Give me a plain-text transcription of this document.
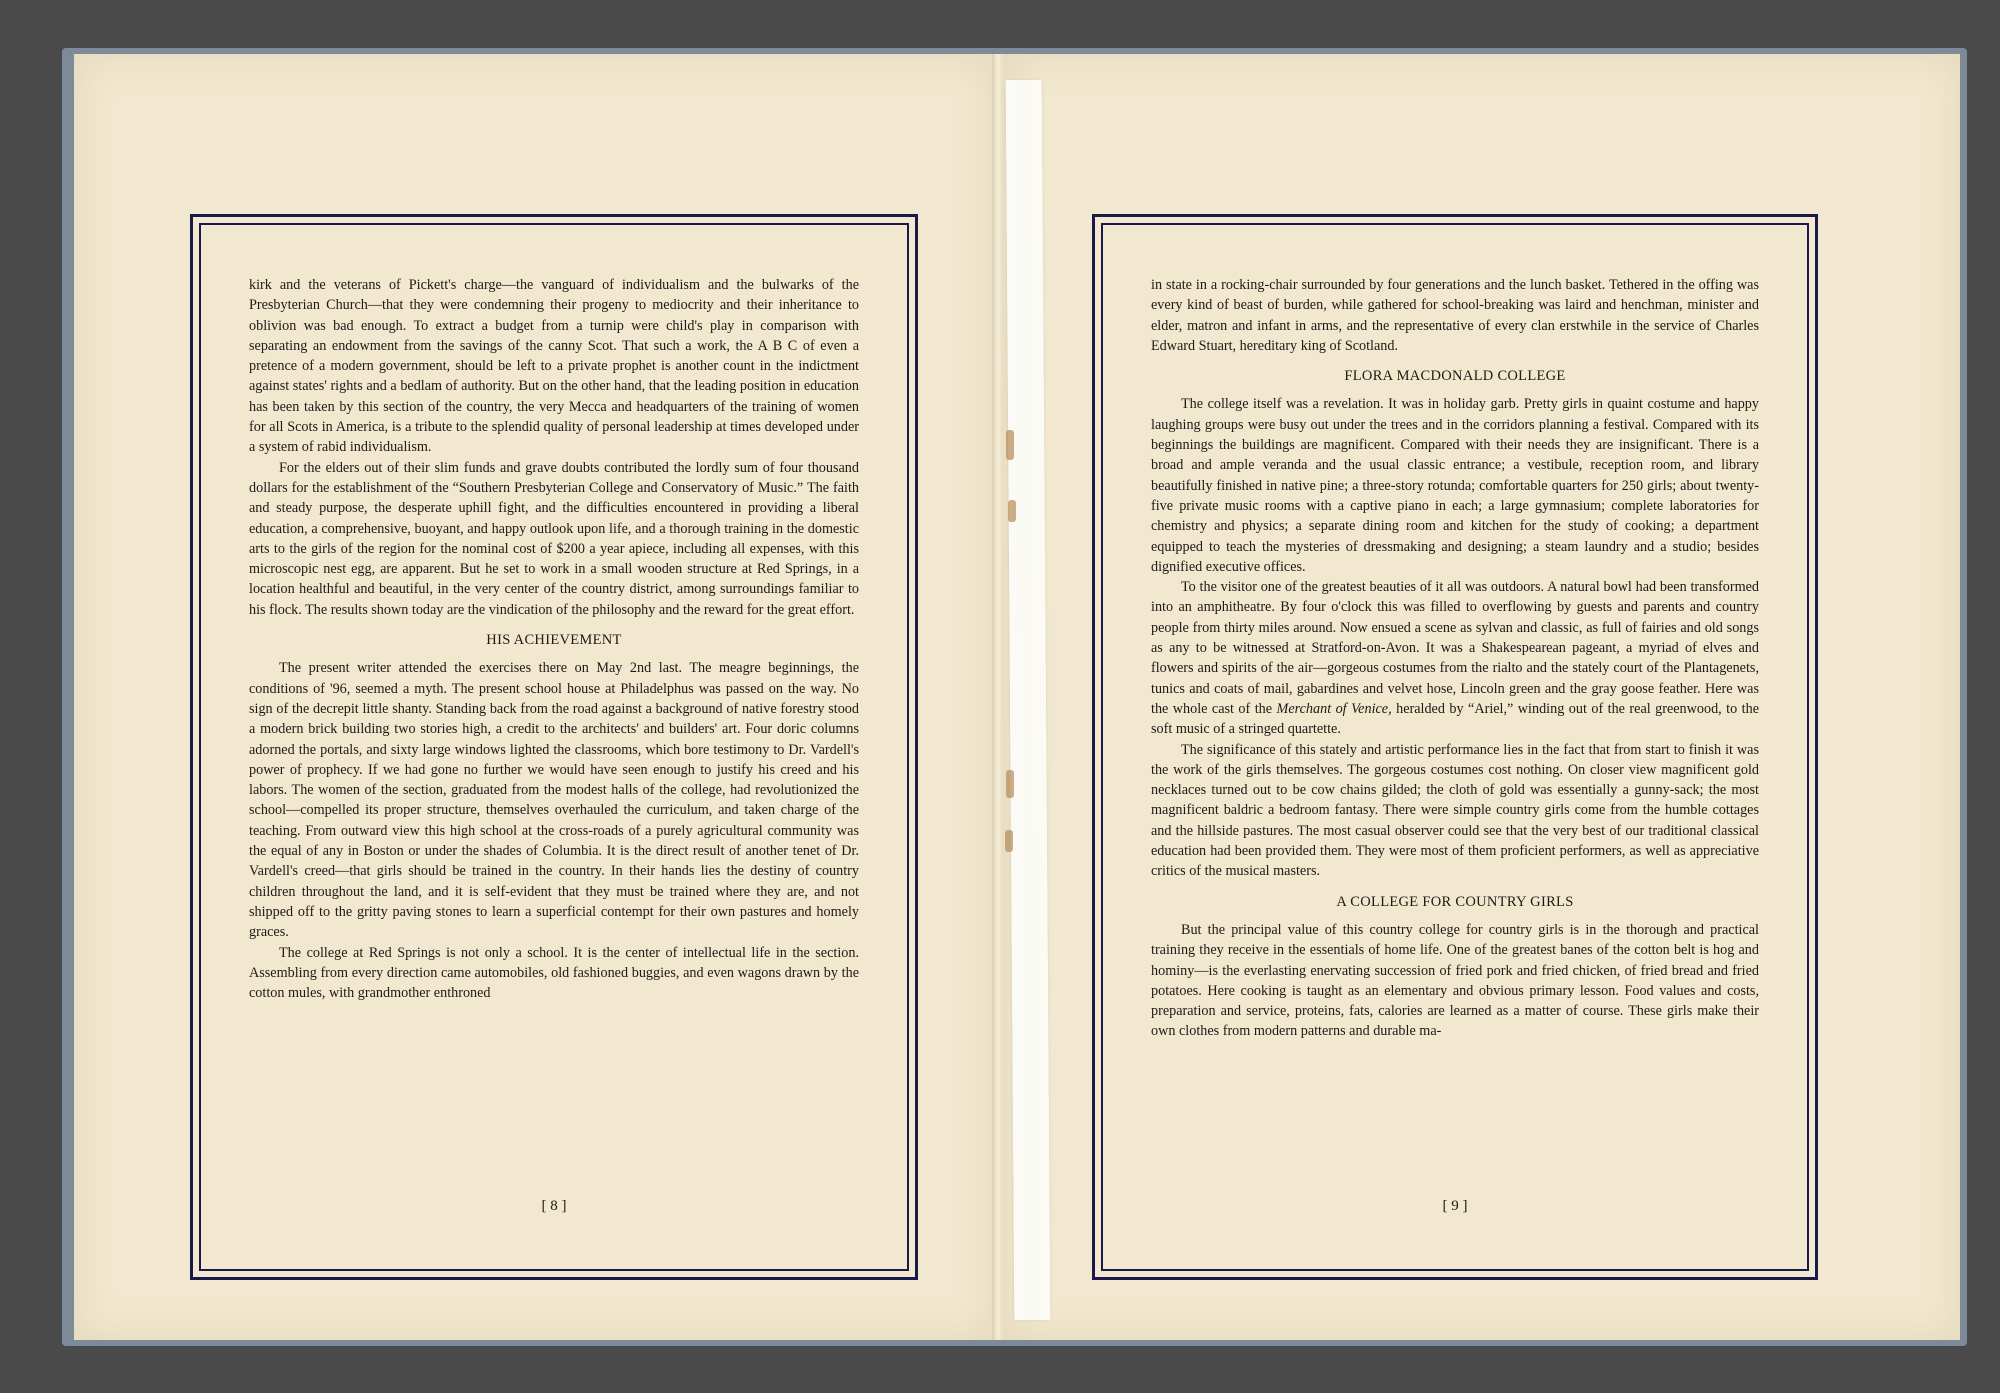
kirk and the veterans of Pickett's charge—the vanguard of individualism and the bulwarks of the Presbyterian Church—that they were condemning their progeny to mediocrity and their inheritance to oblivion was bad enough. To extract a budget from a turnip were child's play in comparison with separating an endowment from the savings of the canny Scot. That such a work, the A B C of even a pretence of a modern government, should be left to a private prophet is another count in the indictment against states' rights and a bedlam of authority. But on the other hand, that the leading position in education has been taken by this section of the country, the very Mecca and headquarters of the training of women for all Scots in America, is a tribute to the splendid quality of personal leadership at times developed under a system of rabid individualism.

For the elders out of their slim funds and grave doubts contributed the lordly sum of four thousand dollars for the establishment of the “Southern Presbyterian College and Conservatory of Music.” The faith and steady purpose, the desperate uphill fight, and the difficulties encountered in providing a liberal education, a comprehensive, buoyant, and happy outlook upon life, and a thorough training in the domestic arts to the girls of the region for the nominal cost of $200 a year apiece, including all expenses, with this microscopic nest egg, are apparent. But he set to work in a small wooden structure at Red Springs, in a location healthful and beautiful, in the very center of the country district, among surroundings familiar to his flock. The results shown today are the vindication of the philosophy and the reward for the great effort.

HIS ACHIEVEMENT

The present writer attended the exercises there on May 2nd last. The meagre beginnings, the conditions of '96, seemed a myth. The present school house at Philadelphus was passed on the way. No sign of the decrepit little shanty. Standing back from the road against a background of native forestry stood a modern brick building two stories high, a credit to the architects' and builders' art. Four doric columns adorned the portals, and sixty large windows lighted the classrooms, which bore testimony to Dr. Vardell's power of prophecy. If we had gone no further we would have seen enough to justify his creed and his labors. The women of the section, graduated from the modest halls of the college, had revolutionized the school—compelled its proper structure, themselves overhauled the curriculum, and taken charge of the teaching. From outward view this high school at the cross-roads of a purely agricultural community was the equal of any in Boston or under the shades of Columbia. It is the direct result of another tenet of Dr. Vardell's creed—that girls should be trained in the country. In their hands lies the destiny of country children throughout the land, and it is self-evident that they must be trained where they are, and not shipped off to the gritty paving stones to learn a superficial contempt for their own pastures and homely graces.

The college at Red Springs is not only a school. It is the center of intellectual life in the section. Assembling from every direction came automobiles, old fashioned buggies, and even wagons drawn by the cotton mules, with grandmother enthroned

[ 8 ]

in state in a rocking-chair surrounded by four generations and the lunch basket. Tethered in the offing was every kind of beast of burden, while gathered for school-breaking was laird and henchman, minister and elder, matron and infant in arms, and the representative of every clan erstwhile in the service of Charles Edward Stuart, hereditary king of Scotland.

FLORA MACDONALD COLLEGE

The college itself was a revelation. It was in holiday garb. Pretty girls in quaint costume and happy laughing groups were busy out under the trees and in the corridors planning a festival. Compared with its beginnings the buildings are magnificent. Compared with their needs they are insignificant. There is a broad and ample veranda and the usual classic entrance; a vestibule, reception room, and library beautifully finished in native pine; a three-story rotunda; comfortable quarters for 250 girls; about twenty-five private music rooms with a captive piano in each; a large gymnasium; complete laboratories for chemistry and physics; a separate dining room and kitchen for the study of cooking; a department equipped to teach the mysteries of dressmaking and designing; a steam laundry and a studio; besides dignified executive offices.

To the visitor one of the greatest beauties of it all was outdoors. A natural bowl had been transformed into an amphitheatre. By four o'clock this was filled to overflowing by guests and parents and country people from thirty miles around. Now ensued a scene as sylvan and classic, as full of fairies and old songs as any to be witnessed at Stratford-on-Avon. It was a Shakespearean pageant, a myriad of elves and flowers and spirits of the air—gorgeous costumes from the rialto and the stately court of the Plantagenets, tunics and coats of mail, gabardines and velvet hose, Lincoln green and the gray goose feather. Here was the whole cast of the Merchant of Venice, heralded by “Ariel,” winding out of the real greenwood, to the soft music of a stringed quartette.

The significance of this stately and artistic performance lies in the fact that from start to finish it was the work of the girls themselves. The gorgeous costumes cost nothing. On closer view magnificent gold necklaces turned out to be cow chains gilded; the cloth of gold was essentially a gunny-sack; the most magnificent baldric a bedroom fantasy. There were simple country girls come from the humble cottages and the hillside pastures. The most casual observer could see that the very best of our traditional classical education had been provided them. They were most of them proficient performers, as well as appreciative critics of the musical masters.

A COLLEGE FOR COUNTRY GIRLS

But the principal value of this country college for country girls is in the thorough and practical training they receive in the essentials of home life. One of the greatest banes of the cotton belt is hog and hominy—is the everlasting enervating succession of fried pork and fried chicken, of fried bread and fried potatoes. Here cooking is taught as an elementary and obvious primary lesson. Food values and costs, preparation and service, proteins, fats, calories are learned as a matter of course. These girls make their own clothes from modern patterns and durable ma-

[ 9 ]
